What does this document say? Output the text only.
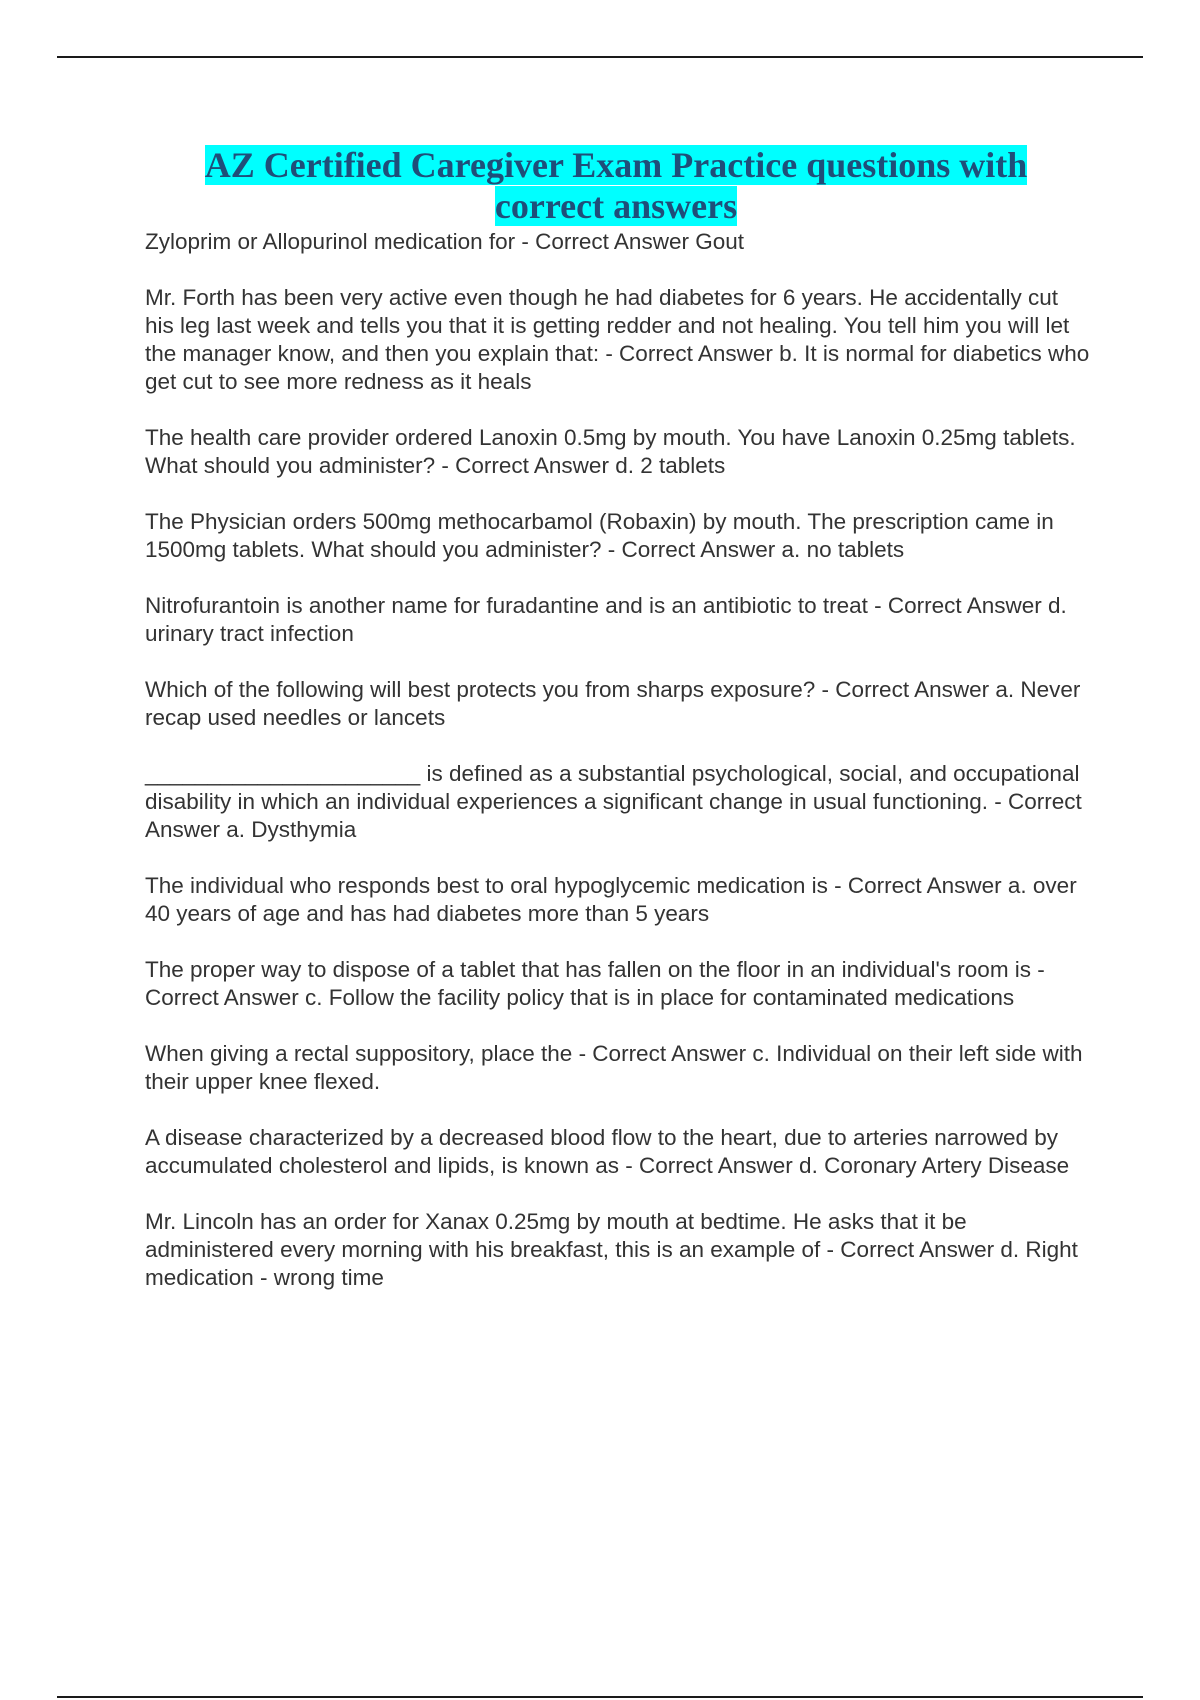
AZ Certified Caregiver Exam Practice questions with
correct answers
Zyloprim or Allopurinol medication for - Correct Answer Gout
Mr. Forth has been very active even though he had diabetes for 6 years. He accidentally cut his leg last week and tells you that it is getting redder and not healing. You tell him you will let the manager know, and then you explain that: - Correct Answer b. It is normal for diabetics who get cut to see more redness as it heals
The health care provider ordered Lanoxin 0.5mg by mouth. You have Lanoxin 0.25mg tablets. What should you administer? - Correct Answer d. 2 tablets
The Physician orders 500mg methocarbamol (Robaxin) by mouth. The prescription came in 1500mg tablets. What should you administer? - Correct Answer a. no tablets
Nitrofurantoin is another name for furadantine and is an antibiotic to treat - Correct Answer d. urinary tract infection
Which of the following will best protects you from sharps exposure? - Correct Answer a. Never recap used needles or lancets
______________________ is defined as a substantial psychological, social, and occupational disability in which an individual experiences a significant change in usual functioning. - Correct Answer a. Dysthymia
The individual who responds best to oral hypoglycemic medication is - Correct Answer a. over 40 years of age and has had diabetes more than 5 years
The proper way to dispose of a tablet that has fallen on the floor in an individual's room is - Correct Answer c. Follow the facility policy that is in place for contaminated medications
When giving a rectal suppository, place the - Correct Answer c. Individual on their left side with their upper knee flexed.
A disease characterized by a decreased blood flow to the heart, due to arteries narrowed by accumulated cholesterol and lipids, is known as - Correct Answer d. Coronary Artery Disease
Mr. Lincoln has an order for Xanax 0.25mg by mouth at bedtime. He asks that it be administered every morning with his breakfast, this is an example of - Correct Answer d. Right medication - wrong time
